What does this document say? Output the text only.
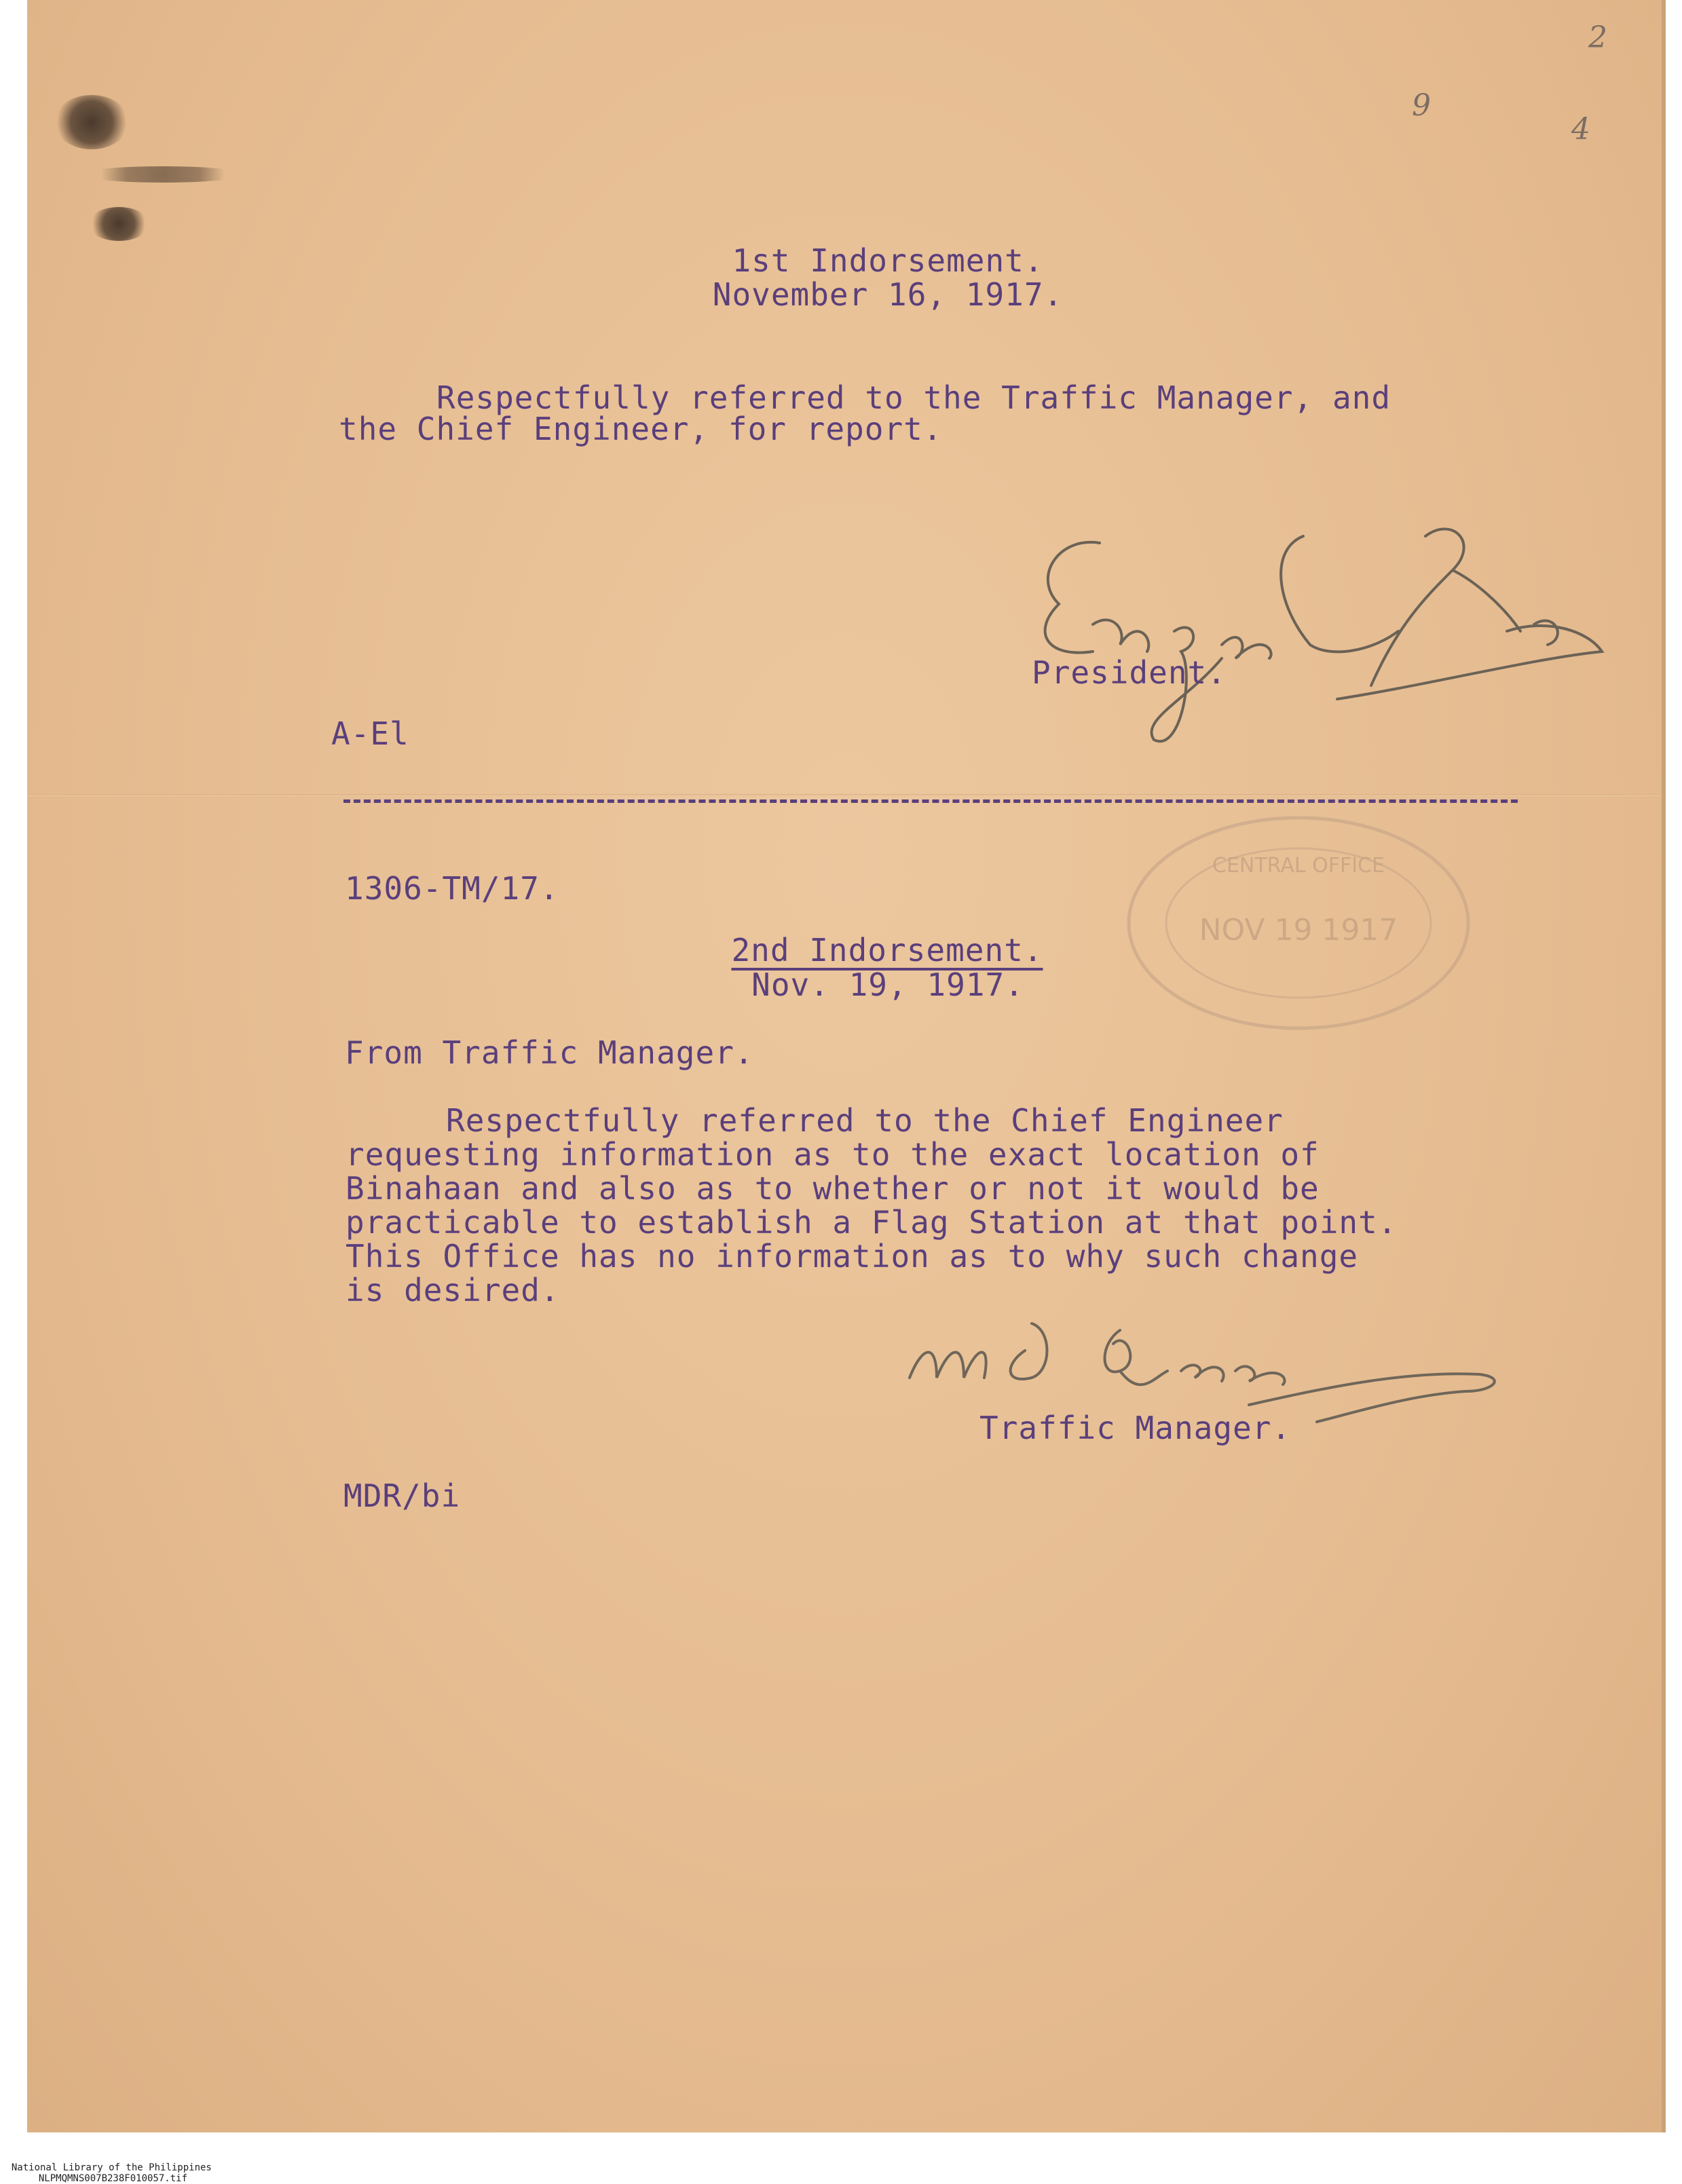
9
4
2
1st Indorsement.
November 16, 1917.
Respectfully referred to the Traffic Manager, and
the Chief Engineer, for report.
President.
A-El
CENTRAL OFFICE
NOV 19 1917
1306-TM/17.
2nd Indorsement.
Nov. 19, 1917.
From Traffic Manager.
Respectfully referred to the Chief Engineer
requesting information as to the exact location of
Binahaan and also as to whether or not it would be
practicable to establish a Flag Station at that point.
This Office has no information as to why such change
is desired.
Traffic Manager.
MDR/bi

National Library of the Philippines
NLPMQMNS007B238F010057.tif
